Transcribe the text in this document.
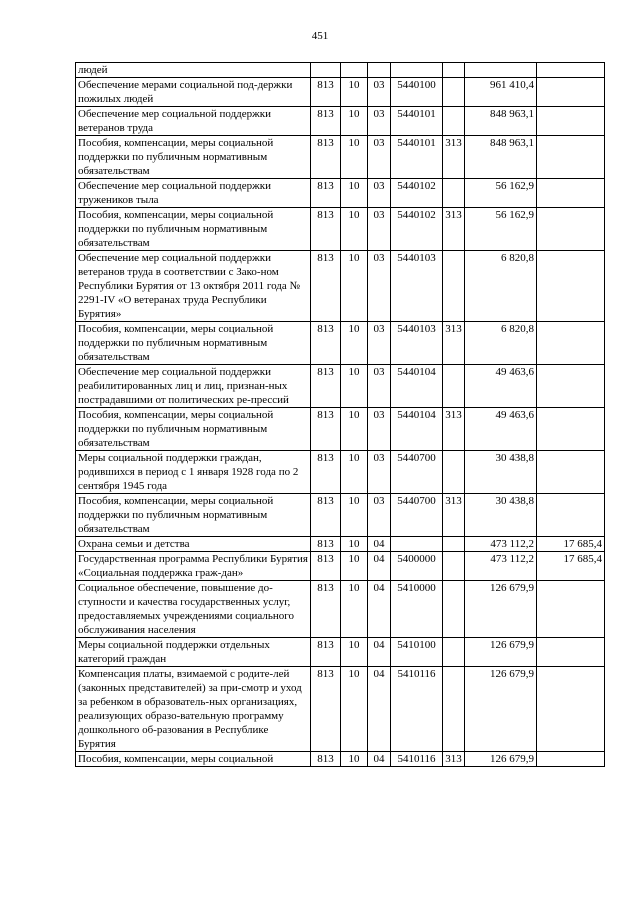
451
людей							
Обеспечение мерами социальной под-держки пожилых людей	813	10	03	5440100		961 410,4	
Обеспечение мер социальной поддержки ветеранов труда	813	10	03	5440101		848 963,1	
Пособия, компенсации, меры социальной поддержки по публичным нормативным обязательствам	813	10	03	5440101	313	848 963,1	
Обеспечение мер социальной поддержки тружеников тыла	813	10	03	5440102		56 162,9	
Пособия, компенсации, меры социальной поддержки по публичным нормативным обязательствам	813	10	03	5440102	313	56 162,9	
Обеспечение мер социальной поддержки ветеранов труда в соответствии с Зако-ном Республики Бурятия от 13 октября 2011 года № 2291-IV «О ветеранах труда Республики Бурятия»	813	10	03	5440103		6 820,8	
Пособия, компенсации, меры социальной поддержки по публичным нормативным обязательствам	813	10	03	5440103	313	6 820,8	
Обеспечение мер социальной поддержки реабилитированных лиц и лиц, признан-ных пострадавшими от политических ре-прессий	813	10	03	5440104		49 463,6	
Пособия, компенсации, меры социальной поддержки по публичным нормативным обязательствам	813	10	03	5440104	313	49 463,6	
Меры социальной поддержки граждан, родившихся в период с 1 января 1928 года по 2 сентября 1945 года	813	10	03	5440700		30 438,8	
Пособия, компенсации, меры социальной поддержки по публичным нормативным обязательствам	813	10	03	5440700	313	30 438,8	
Охрана семьи и детства	813	10	04			473 112,2	17 685,4
Государственная программа Республики Бурятия «Социальная поддержка граж-дан»	813	10	04	5400000		473 112,2	17 685,4
Социальное обеспечение, повышение до-ступности и качества государственных услуг, предоставляемых учреждениями социального обслуживания населения	813	10	04	5410000		126 679,9	
Меры социальной поддержки отдельных категорий граждан	813	10	04	5410100		126 679,9	
Компенсация платы, взимаемой с родите-лей (законных представителей) за при-смотр и уход за ребенком в образователь-ных организациях, реализующих образо-вательную программу дошкольного об-разования в Республике Бурятия	813	10	04	5410116		126 679,9	
Пособия, компенсации, меры социальной	813	10	04	5410116	313	126 679,9	
